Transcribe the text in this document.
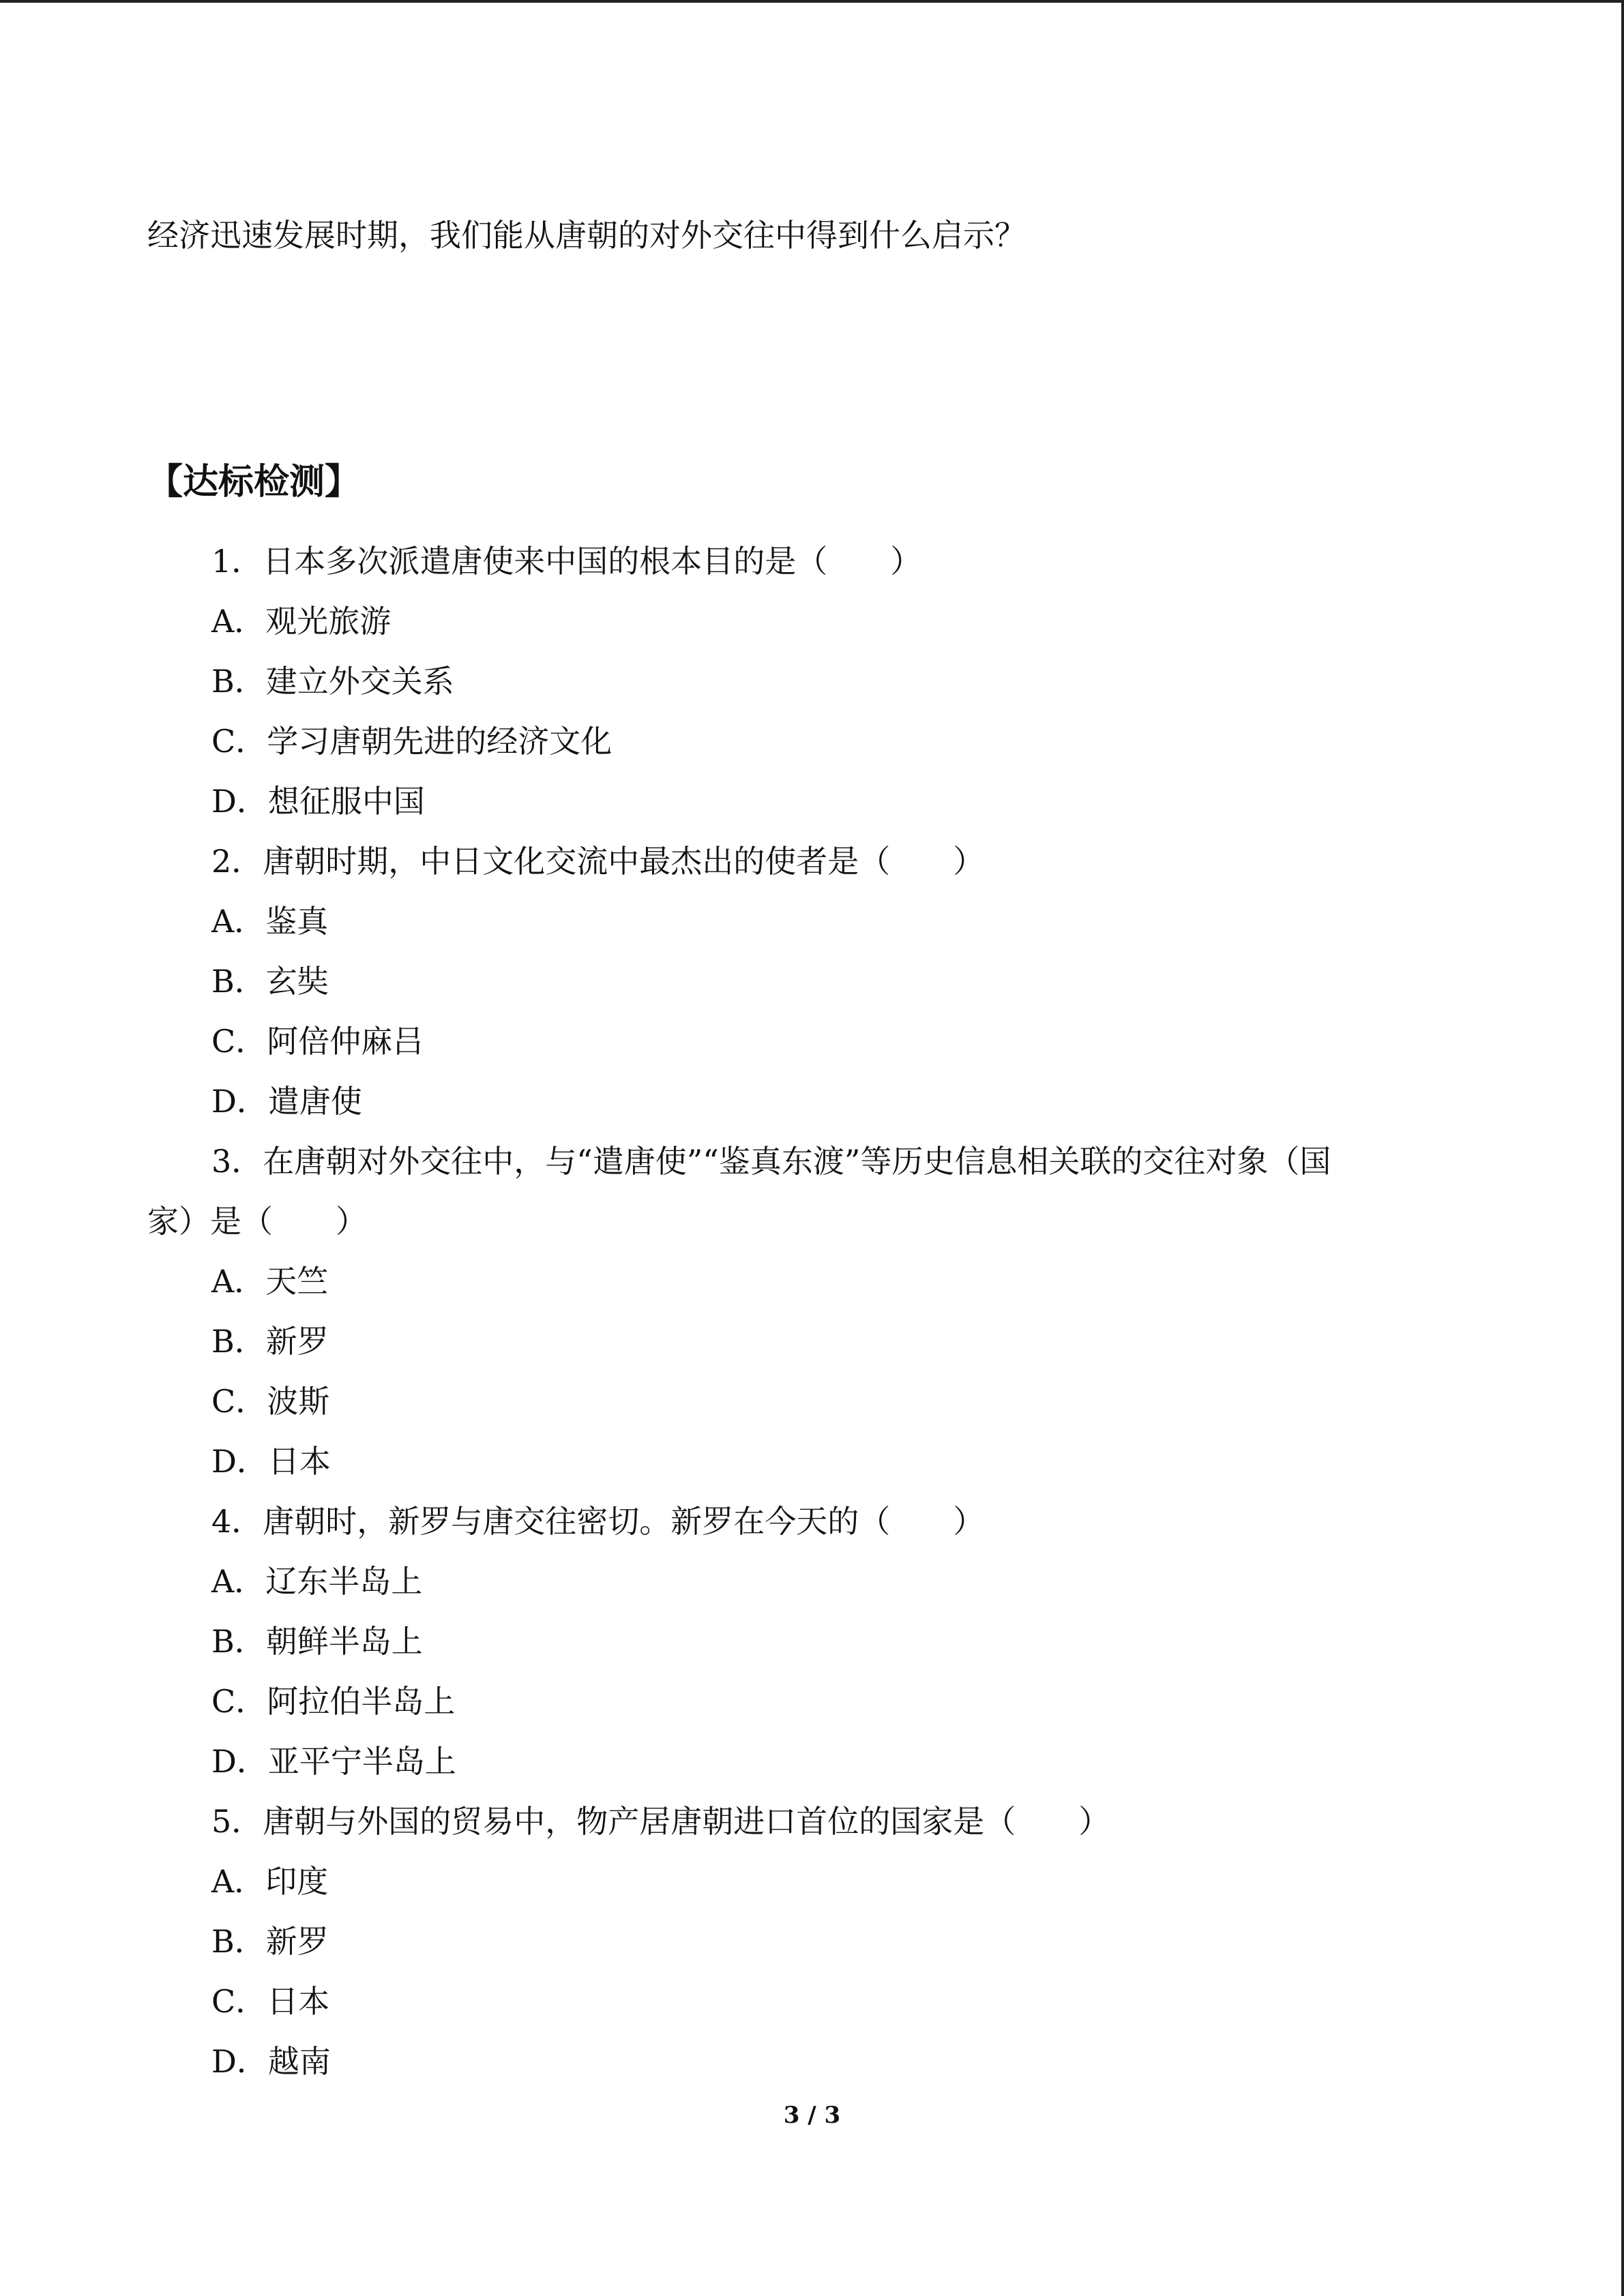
经济迅速发展时期，我们能从唐朝的对外交往中得到什么启示？
【达标检测】
1．日本多次派遣唐使来中国的根本目的是（　　）
A．观光旅游
B．建立外交关系
C．学习唐朝先进的经济文化
D．想征服中国
2．唐朝时期，中日文化交流中最杰出的使者是（　　）
A．鉴真
B．玄奘
C．阿倍仲麻吕
D．遣唐使
3．在唐朝对外交往中，与“遣唐使”“鉴真东渡”等历史信息相关联的交往对象（国
家）是（　　）
A．天竺
B．新罗
C．波斯
D．日本
4．唐朝时，新罗与唐交往密切。新罗在今天的（　　）
A．辽东半岛上
B．朝鲜半岛上
C．阿拉伯半岛上
D．亚平宁半岛上
5．唐朝与外国的贸易中，物产居唐朝进口首位的国家是（　　）
A．印度
B．新罗
C．日本
D．越南
3 / 3
